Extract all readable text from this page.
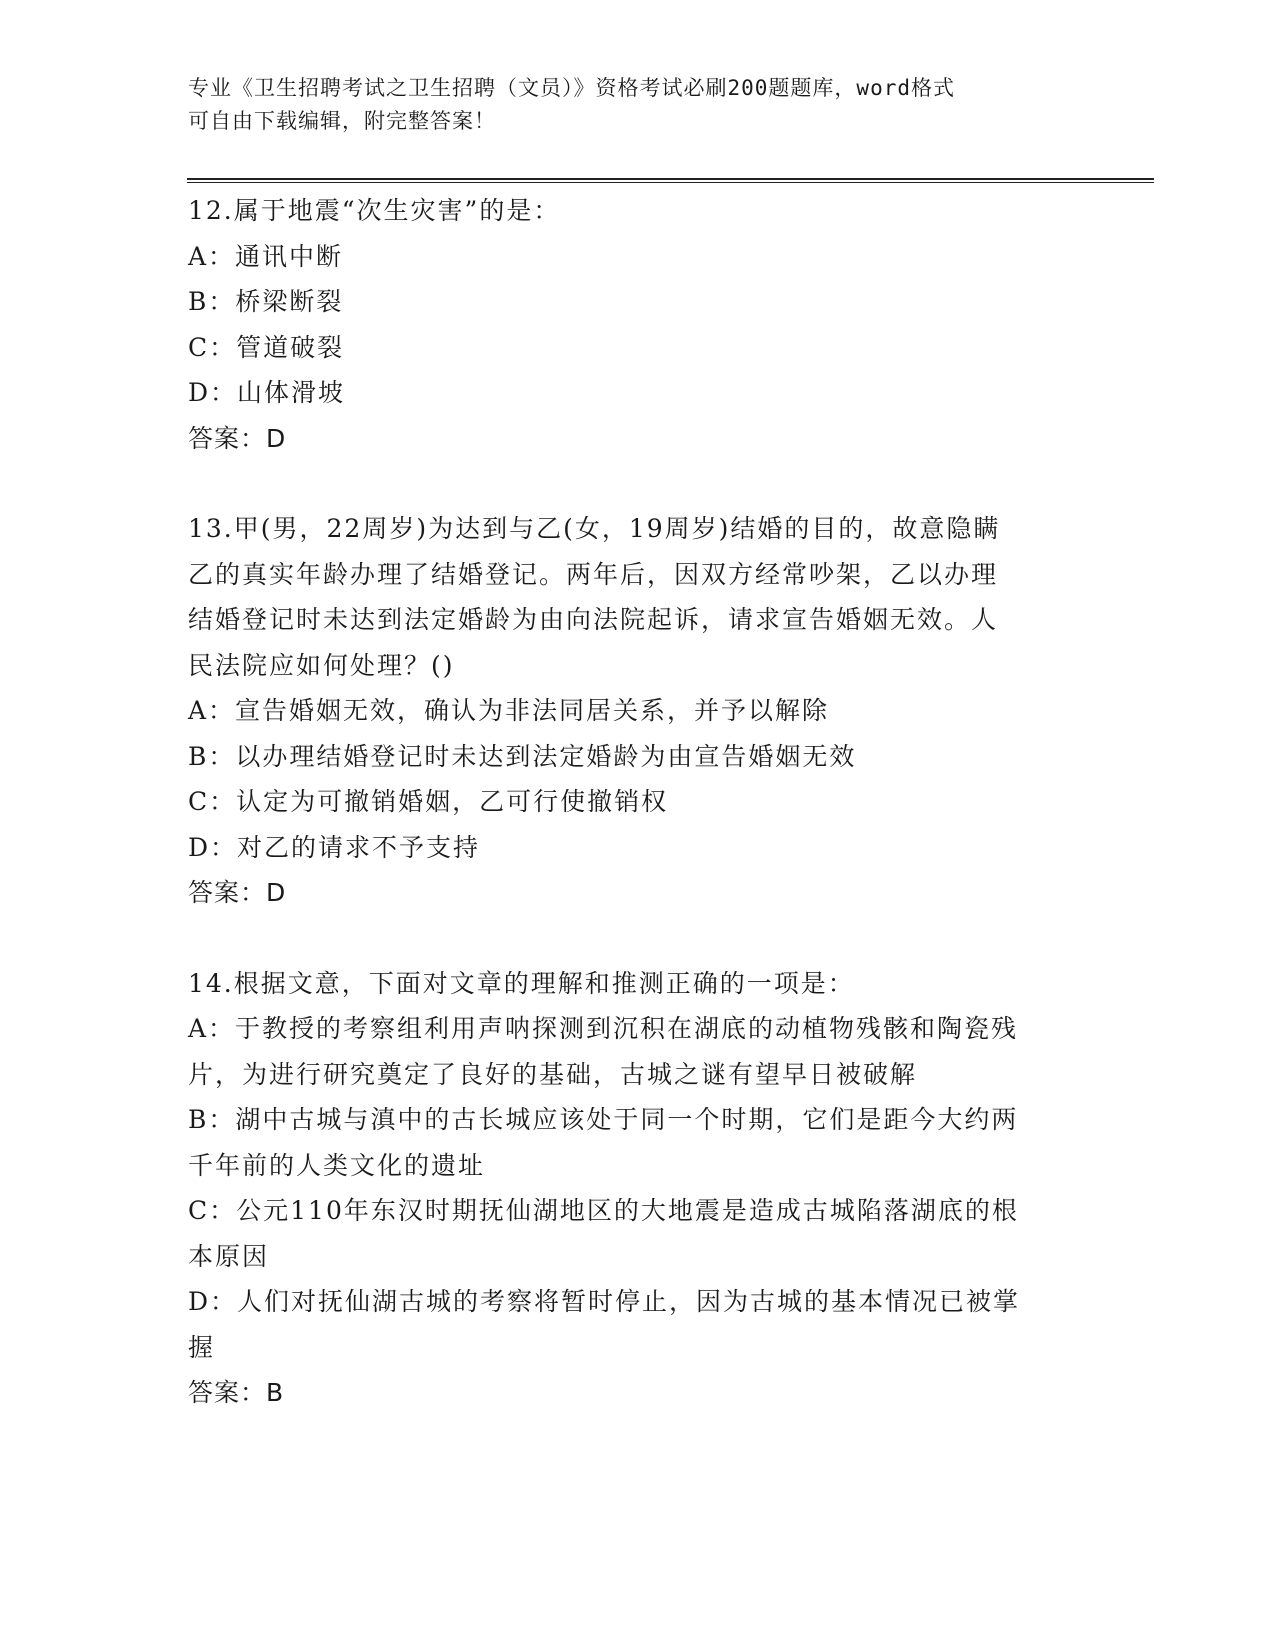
专业《卫生招聘考试之卫生招聘（文员）》资格考试必刷200题题库，word格式
可自由下载编辑，附完整答案！
12.属于地震“次生灾害”的是：
A：通讯中断
B：桥梁断裂
C：管道破裂
D：山体滑坡
答案：D
13.甲(男，22周岁)为达到与乙(女，19周岁)结婚的目的，故意隐瞒
乙的真实年龄办理了结婚登记。两年后，因双方经常吵架，乙以办理
结婚登记时未达到法定婚龄为由向法院起诉，请求宣告婚姻无效。人
民法院应如何处理？()
A：宣告婚姻无效，确认为非法同居关系，并予以解除
B：以办理结婚登记时未达到法定婚龄为由宣告婚姻无效
C：认定为可撤销婚姻，乙可行使撤销权
D：对乙的请求不予支持
答案：D
14.根据文意，下面对文章的理解和推测正确的一项是：
A：于教授的考察组利用声呐探测到沉积在湖底的动植物残骸和陶瓷残
片，为进行研究奠定了良好的基础，古城之谜有望早日被破解
B：湖中古城与滇中的古长城应该处于同一个时期，它们是距今大约两
千年前的人类文化的遗址
C：公元110年东汉时期抚仙湖地区的大地震是造成古城陷落湖底的根
本原因
D：人们对抚仙湖古城的考察将暂时停止，因为古城的基本情况已被掌
握
答案：B
